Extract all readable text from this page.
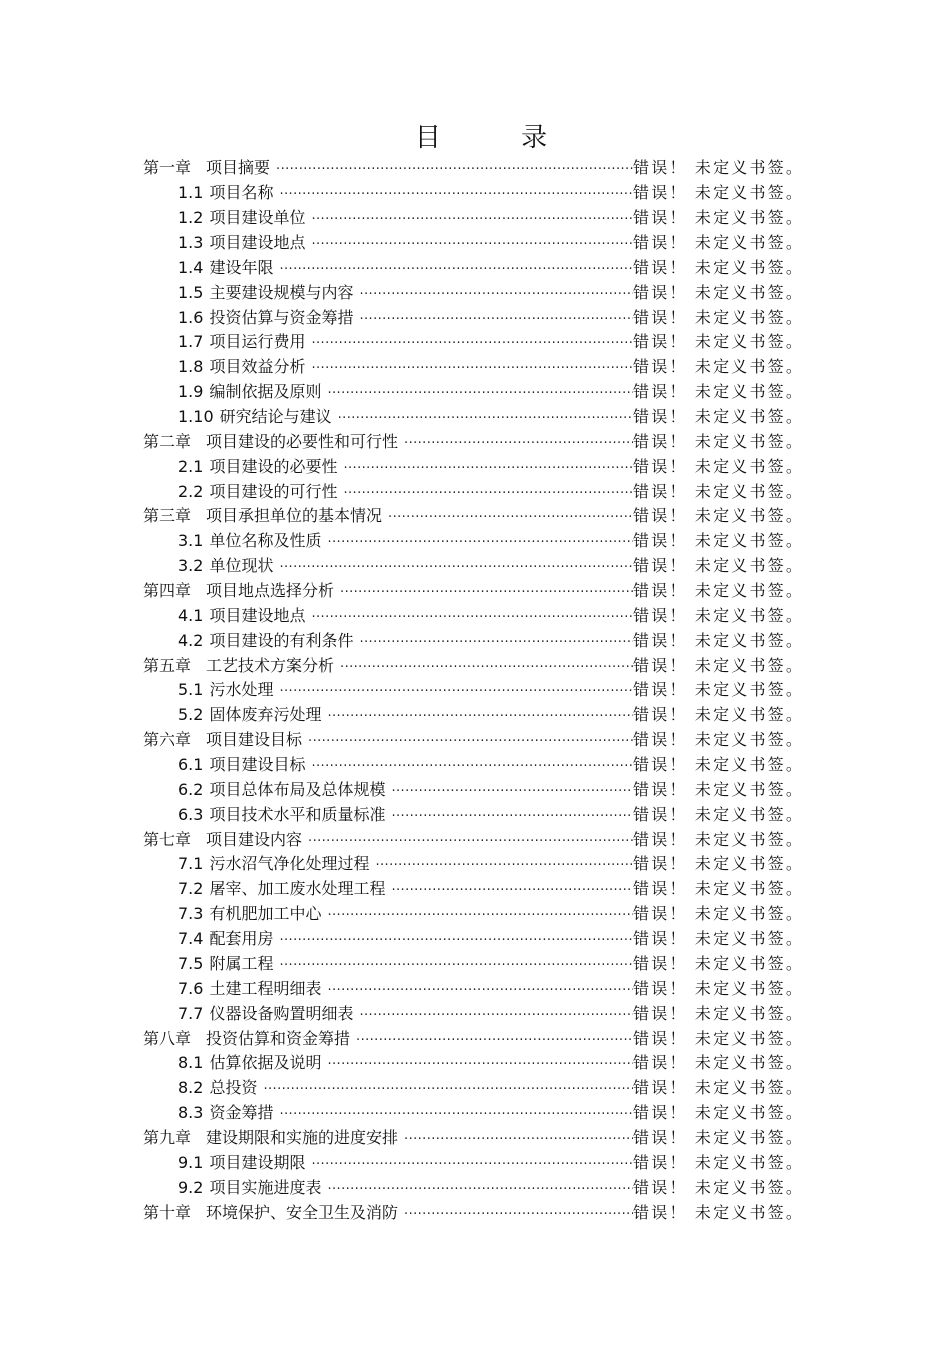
目 录
第一章 项目摘要 .....	错误！ 未定义书签。
1.1 项目名称 .....	错误！ 未定义书签。
1.2 项目建设单位 .....	错误！ 未定义书签。
1.3 项目建设地点 .....	错误！ 未定义书签。
1.4 建设年限 .....	错误！ 未定义书签。
1.5 主要建设规模与内容 .....	错误！ 未定义书签。
1.6 投资估算与资金筹措 .....	错误！ 未定义书签。
1.7 项目运行费用 .....	错误！ 未定义书签。
1.8 项目效益分析 .....	错误！ 未定义书签。
1.9 编制依据及原则 .....	错误！ 未定义书签。
1.10 研究结论与建议 .....	错误！ 未定义书签。
第二章 项目建设的必要性和可行性 .....	错误！ 未定义书签。
2.1 项目建设的必要性 .....	错误！ 未定义书签。
2.2 项目建设的可行性 .....	错误！ 未定义书签。
第三章 项目承担单位的基本情况 .....	错误！ 未定义书签。
3.1 单位名称及性质 .....	错误！ 未定义书签。
3.2 单位现状 .....	错误！ 未定义书签。
第四章 项目地点选择分析 .....	错误！ 未定义书签。
4.1 项目建设地点 .....	错误！ 未定义书签。
4.2 项目建设的有利条件 .....	错误！ 未定义书签。
第五章 工艺技术方案分析 .....	错误！ 未定义书签。
5.1 污水处理 .....	错误！ 未定义书签。
5.2 固体废弃污处理 .....	错误！ 未定义书签。
第六章 项目建设目标 .....	错误！ 未定义书签。
6.1 项目建设目标 .....	错误！ 未定义书签。
6.2 项目总体布局及总体规模 .....	错误！ 未定义书签。
6.3 项目技术水平和质量标准 .....	错误！ 未定义书签。
第七章 项目建设内容 .....	错误！ 未定义书签。
7.1 污水沼气净化处理过程 .....	错误！ 未定义书签。
7.2 屠宰、加工废水处理工程 .....	错误！ 未定义书签。
7.3 有机肥加工中心 .....	错误！ 未定义书签。
7.4 配套用房 .....	错误！ 未定义书签。
7.5 附属工程 .....	错误！ 未定义书签。
7.6 土建工程明细表 .....	错误！ 未定义书签。
7.7 仪器设备购置明细表 .....	错误！ 未定义书签。
第八章 投资估算和资金筹措 .....	错误！ 未定义书签。
8.1 估算依据及说明 .....	错误！ 未定义书签。
8.2 总投资 .....	错误！ 未定义书签。
8.3 资金筹措 .....	错误！ 未定义书签。
第九章 建设期限和实施的进度安排 .....	错误！ 未定义书签。
9.1 项目建设期限 .....	错误！ 未定义书签。
9.2 项目实施进度表 .....	错误！ 未定义书签。
第十章 环境保护、安全卫生及消防 .....	错误！ 未定义书签。
